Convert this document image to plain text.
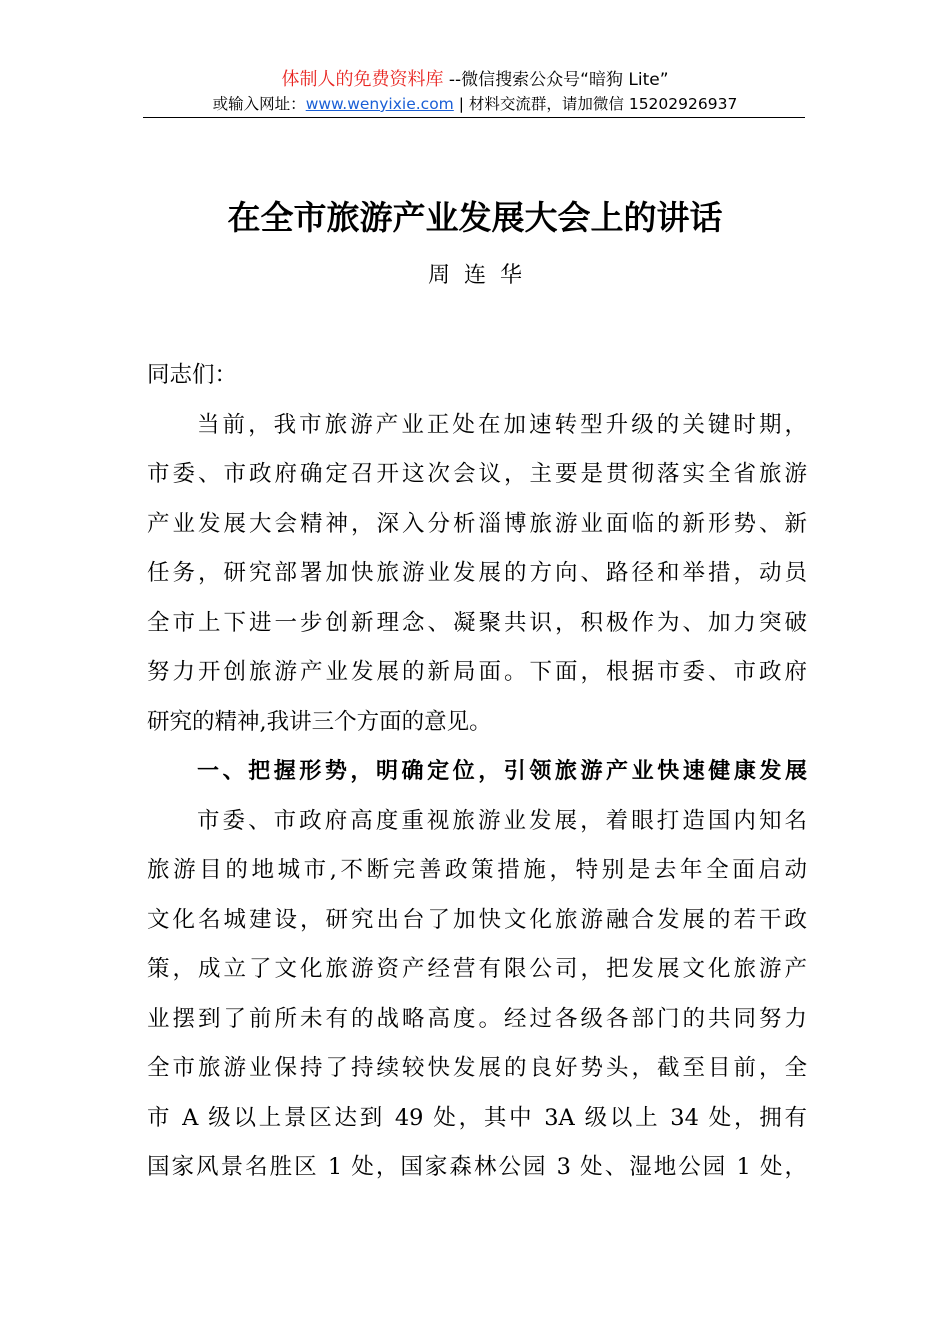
体制人的免费资料库 --微信搜索公众号“暗狗 Lite”
或输入网址：www.wenyixie.com | 材料交流群，请加微信 15202926937
在全市旅游产业发展大会上的讲话
周连华
同志们：
当前，我市旅游产业正处在加速转型升级的关键时期，
市委、市政府确定召开这次会议，主要是贯彻落实全省旅游
产业发展大会精神，深入分析淄博旅游业面临的新形势、新
任务，研究部署加快旅游业发展的方向、路径和举措，动员
全市上下进一步创新理念、凝聚共识，积极作为、加力突破
努力开创旅游产业发展的新局面。下面，根据市委、市政府
研究的精神,我讲三个方面的意见。
一、把握形势，明确定位，引领旅游产业快速健康发展
市委、市政府高度重视旅游业发展，着眼打造国内知名
旅游目的地城市,不断完善政策措施，特别是去年全面启动
文化名城建设，研究出台了加快文化旅游融合发展的若干政
策，成立了文化旅游资产经营有限公司，把发展文化旅游产
业摆到了前所未有的战略高度。经过各级各部门的共同努力
全市旅游业保持了持续较快发展的良好势头，截至目前，全
市 A 级以上景区达到 49 处，其中 3A 级以上 34 处，拥有
国家风景名胜区 1 处，国家森林公园 3 处、湿地公园 1 处，
